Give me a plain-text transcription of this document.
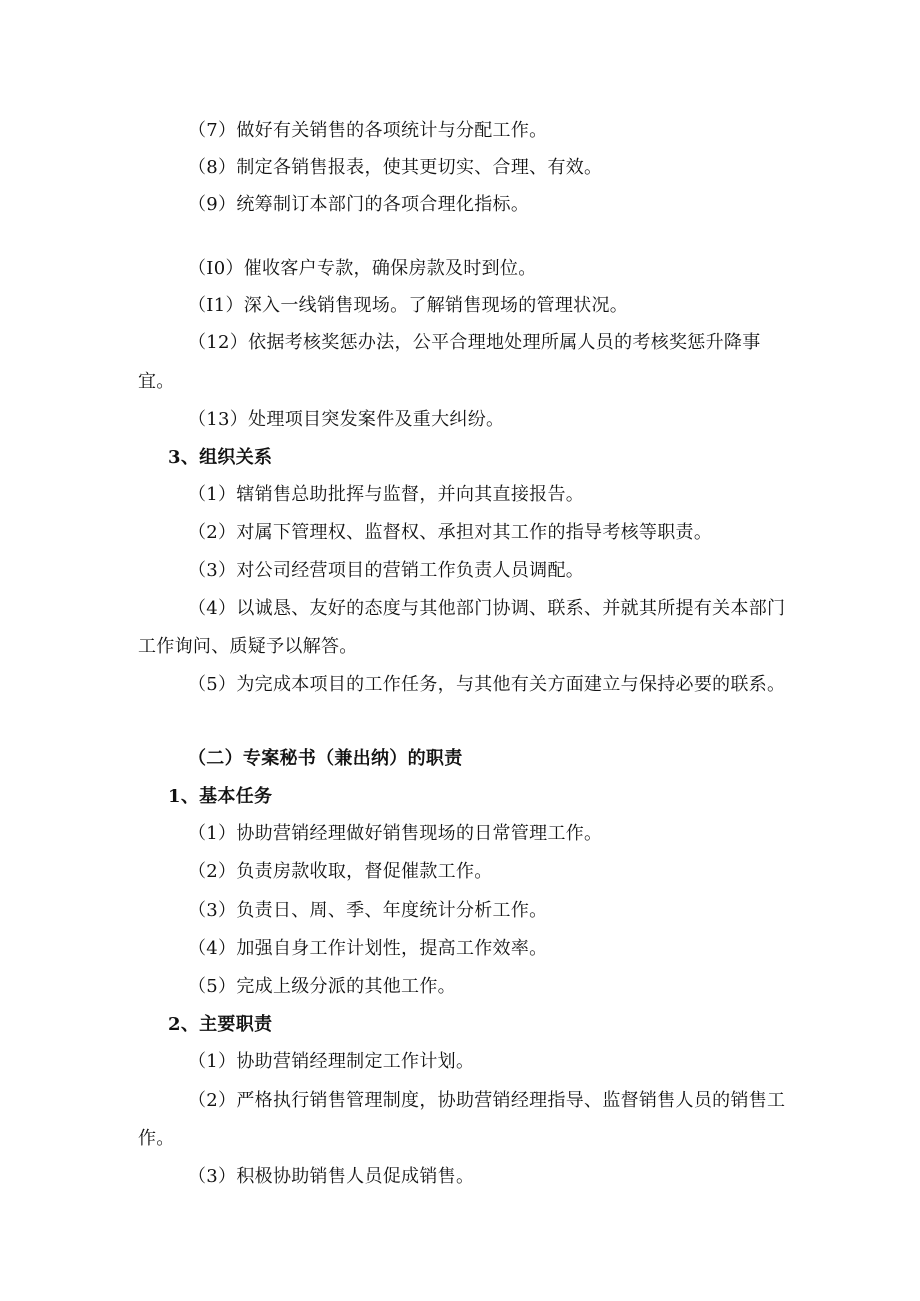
（7）做好有关销售的各项统计与分配工作。
（8）制定各销售报表，使其更切实、合理、有效。
（9）统筹制订本部门的各项合理化指标。
（I0）催收客户专款，确保房款及时到位。
（I1）深入一线销售现场。了解销售现场的管理状况。
（12）依据考核奖惩办法，公平合理地处理所属人员的考核奖惩升降事
宜。
（13）处理项目突发案件及重大纠纷。
3、组织关系
（1）辖销售总助批挥与监督，并向其直接报告。
（2）对属下管理权、监督权、承担对其工作的指导考核等职责。
（3）对公司经营项目的营销工作负责人员调配。
（4）以诚恳、友好的态度与其他部门协调、联系、并就其所提有关本部门
工作询问、质疑予以解答。
（5）为完成本项目的工作任务，与其他有关方面建立与保持必要的联系。
（二）专案秘书（兼出纳）的职责
1、基本任务
（1）协助营销经理做好销售现场的日常管理工作。
（2）负责房款收取，督促催款工作。
（3）负责日、周、季、年度统计分析工作。
（4）加强自身工作计划性，提高工作效率。
（5）完成上级分派的其他工作。
2、主要职责
（1）协助营销经理制定工作计划。
（2）严格执行销售管理制度，协助营销经理指导、监督销售人员的销售工
作。
（3）积极协助销售人员促成销售。
